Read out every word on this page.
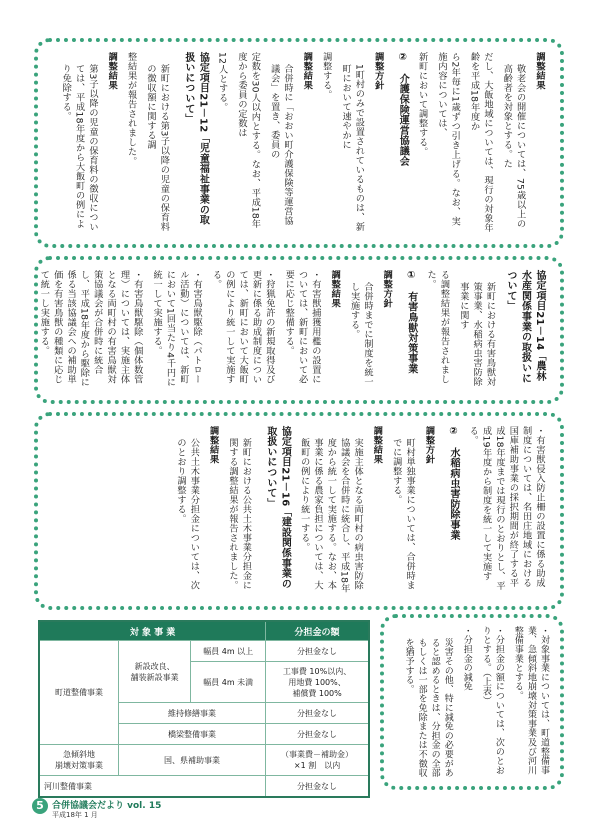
調整結果

敬老会の開催については、75歳以上の高齢者を対象とする。た

だし、大飯地域については、現行の対象年齢を平成18年度か

ら2年毎に1歳ずつ引き上げる。なお、実施内容については、

新町において調整する。

②　介護保険運営協議会

調整方針

1町村のみで設置されているものは、新町において速やかに

調整する。

調整結果

合併時に「おおい町介護保険等運営協議会」を置き、委員の

定数を30人以内とする。なお、平成18年度から委員の定数は

12人とする。

協定項目21－12「児童福祉事業の取扱いについて」

新町における第3子以降の児童の保育料の徴収額に関する調

整結果が報告されました。

調整結果

第3子以降の児童の保育料の徴収については、平成18年度から大飯町の例により免除する。

協定項目21－14「農林水産関係事業の取扱いについて」

新町における有害鳥獣対策事業、水稲病虫害防除事業に関す

る調整結果が報告されました。

①　有害鳥獣対策事業

調整方針

合併時までに制度を統一し実施する。

調整結果

・有害獣捕獲用檻の設置については、新町において必要に応じ整備する。

・狩猟免許の新規取得及び更新に係る助成制度については、新町において大飯町の例により統一して実施する。

・有害鳥獣駆除（パトロール活動）については、新町において1回当たり4千円に統一して実施する。

・有害鳥獣駆除（個体数管理）については、実施主体となる両町村の有害鳥獣対策協議会が合併時に統合し、平成18年度から駆除に係る当該協議会への補助単価を有害鳥獣の種類に応じて統一し実施する。

・有害獣侵入防止柵の設置に係る助成制度については、名田庄地域における国庫補助事業の採択期間が終了する平成18年度までは現行のとおりとし、平成19年度から制度を統一して実施する。

②　水稲病虫害防除事業

調整方針

町村単独事業については、合併時までに調整する。

調整結果

実施主体となる両町村の病虫害防除協議会を合併時に統合し、平成18年度から統一して実施する。なお、本事業に係る農家負担については、大飯町の例により統一する。

協定項目21－16「建設関係事業の取扱いについて」

新町における公共土木事業分担金に関する調整結果が報告されました。

調整結果

公共土木事業分担金については、次のとおり調整する。

・対象事業については、町道整備事業、急傾斜地崩壊対策事業及び河川整備事業とする。

・分担金の額については、次のとおりとする。（上表）

・分担金の減免

災害その他、特に減免の必要があると認めるときは、分担金の全部もしくは一部を免除または不徴収を猶予する。

対 象 事 業			分担金の額
町道整備事業	新設改良、
舗装新設事業	幅員 4m 以上	分担金なし
		幅員 4m 未満	工事費 10%以内、
用地費 100%、
補償費 100%
	維持修繕事業		分担金なし
	橋梁整備事業		分担金なし
急傾斜地
崩壊対策事業	国、県補助事業		（事業費－補助金）
×1 割　以内
河川整備事業			分担金なし
5 合併協議会だより vol. 15
平成18年 1 月
